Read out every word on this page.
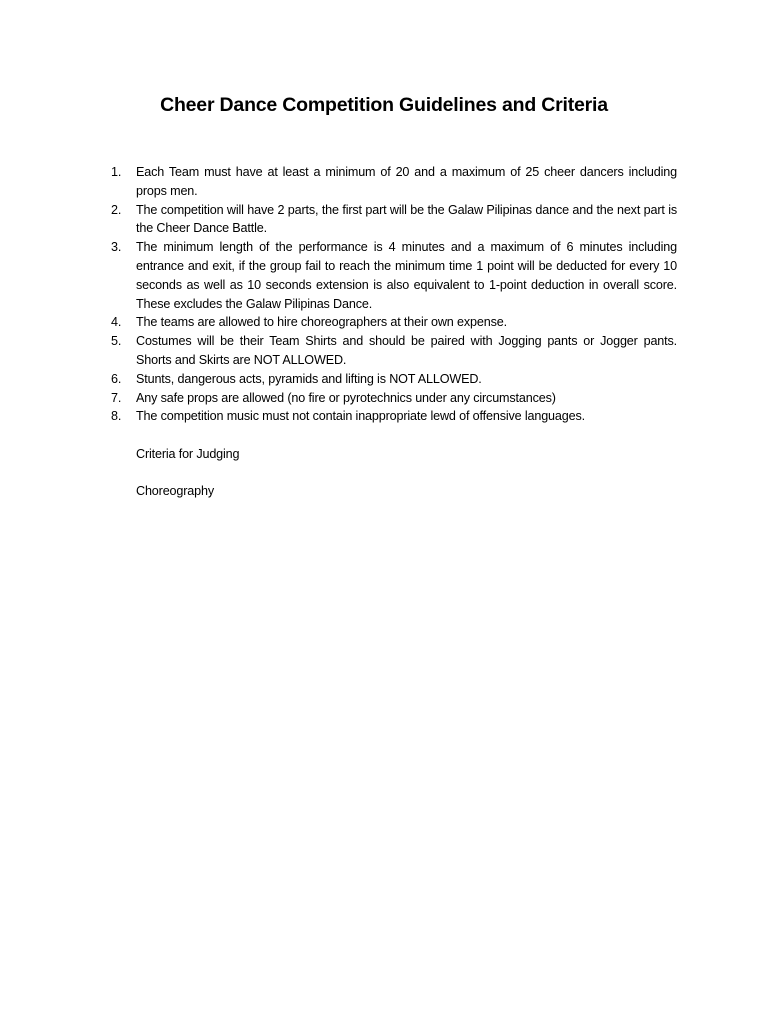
Cheer Dance Competition Guidelines and Criteria
1. Each Team must have at least a minimum of 20 and a maximum of 25 cheer dancers including props men.
2. The competition will have 2 parts, the first part will be the Galaw Pilipinas dance and the next part is the Cheer Dance Battle.
3. The minimum length of the performance is 4 minutes and a maximum of 6 minutes including entrance and exit, if the group fail to reach the minimum time 1 point will be deducted for every 10 seconds as well as 10 seconds extension is also equivalent to 1-point deduction in overall score. These excludes the Galaw Pilipinas Dance.
4. The teams are allowed to hire choreographers at their own expense.
5. Costumes will be their Team Shirts and should be paired with Jogging pants or Jogger pants. Shorts and Skirts are NOT ALLOWED.
6. Stunts, dangerous acts, pyramids and lifting is NOT ALLOWED.
7. Any safe props are allowed (no fire or pyrotechnics under any circumstances)
8. The competition music must not contain inappropriate lewd of offensive languages.

Criteria for Judging

Choreography
